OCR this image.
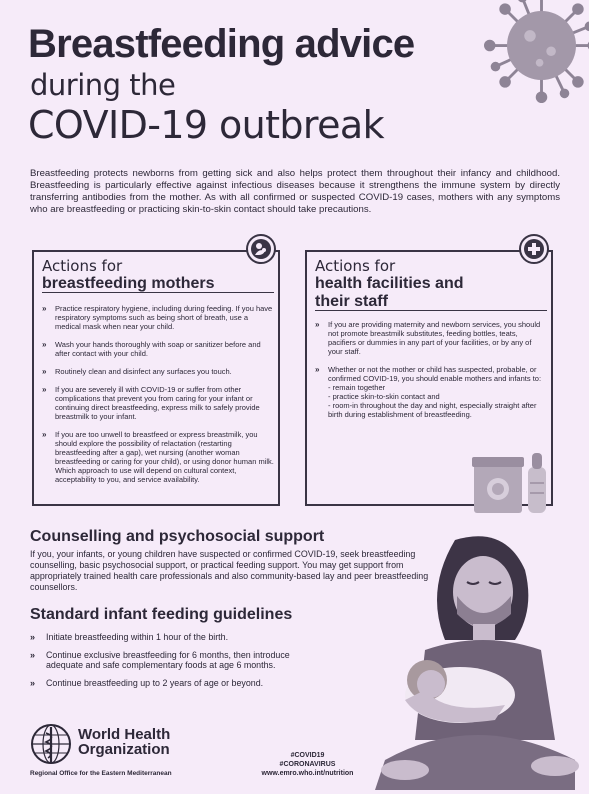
Breastfeeding advice
during the
COVID-19 outbreak

Breastfeeding protects newborns from getting sick and also helps protect them throughout their infancy and childhood. Breastfeeding is particularly effective against infectious diseases because it strengthens the immune system by directly transferring antibodies from the mother. As with all confirmed or suspected COVID-19 cases, mothers with any symptoms who are breastfeeding or practicing skin-to-skin contact should take precautions.

Actions for
breastfeeding mothers
» Practice respiratory hygiene, including during feeding. If you have respiratory symptoms such as being short of breath, use a medical mask when near your child.
» Wash your hands thoroughly with soap or sanitizer before and after contact with your child.
» Routinely clean and disinfect any surfaces you touch.
» If you are severely ill with COVID-19 or suffer from other complications that prevent you from caring for your infant or continuing direct breastfeeding, express milk to safely provide breastmilk to your infant.
» If you are too unwell to breastfeed or express breastmilk, you should explore the possibility of relactation (restarting breastfeeding after a gap), wet nursing (another woman breastfeeding or caring for your child), or using donor human milk. Which approach to use will depend on cultural context, acceptability to you, and service availability.
Actions for
health facilities and
their staff
» If you are providing maternity and newborn services, you should not promote breastmilk substitutes, feeding bottles, teats, pacifiers or dummies in any part of your facilities, or by any of your staff.
» Whether or not the mother or child has suspected, probable, or confirmed COVID-19, you should enable mothers and infants to:
- remain together
- practice skin-to-skin contact and
- room-in throughout the day and night, especially straight after birth during establishment of breastfeeding.
Counselling and psychosocial support

If you, your infants, or young children have suspected or confirmed COVID-19, seek breastfeeding counselling, basic psychosocial support, or practical feeding support. You may get support from appropriately trained health care professionals and also community-based lay and peer breastfeeding counsellors.

Standard infant feeding guidelines
» Initiate breastfeeding within 1 hour of the birth.
» Continue exclusive breastfeeding for 6 months, then introduce adequate and safe complementary foods at age 6 months.
» Continue breastfeeding up to 2 years of age or beyond.
World Health
Organization
Regional Office for the Eastern Mediterranean
#COVID19
#CORONAVIRUS
www.emro.who.int/nutrition
